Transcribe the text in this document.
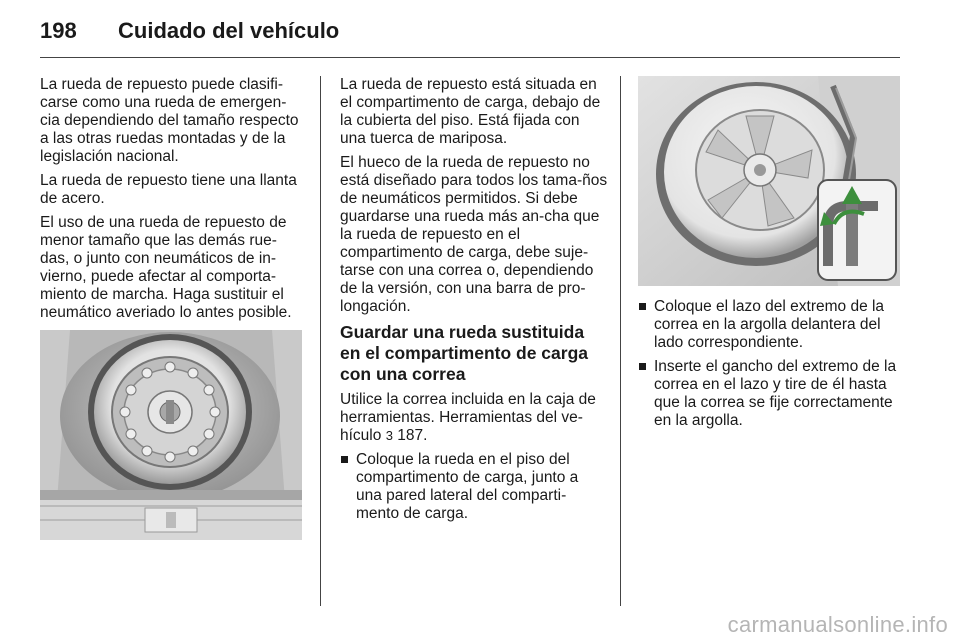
198 Cuidado del vehículo

La rueda de repuesto puede clasifi-carse como una rueda de emergen-cia dependiendo del tamaño respecto a las otras ruedas montadas y de la legislación nacional.

La rueda de repuesto tiene una llanta de acero.

El uso de una rueda de repuesto de menor tamaño que las demás rue-das, o junto con neumáticos de in-vierno, puede afectar al comporta-miento de marcha. Haga sustituir el neumático averiado lo antes posible.

La rueda de repuesto está situada en el compartimento de carga, debajo de la cubierta del piso. Está fijada con una tuerca de mariposa.

El hueco de la rueda de repuesto no está diseñado para todos los tama-ños de neumáticos permitidos. Si debe guardarse una rueda más an-cha que la rueda de repuesto en el compartimento de carga, debe suje-tarse con una correa o, dependiendo de la versión, con una barra de pro-longación.

Guardar una rueda sustituida en el compartimento de carga con una correa

Utilice la correa incluida en la caja de herramientas. Herramientas del ve-hículo 3 187.

Coloque la rueda en el piso del compartimento de carga, junto a una pared lateral del comparti-mento de carga.
Coloque el lazo del extremo de la correa en la argolla delantera del lado correspondiente.
Inserte el gancho del extremo de la correa en el lazo y tire de él hasta que la correa se fije correctamente en la argolla.
carmanualsonline.info
